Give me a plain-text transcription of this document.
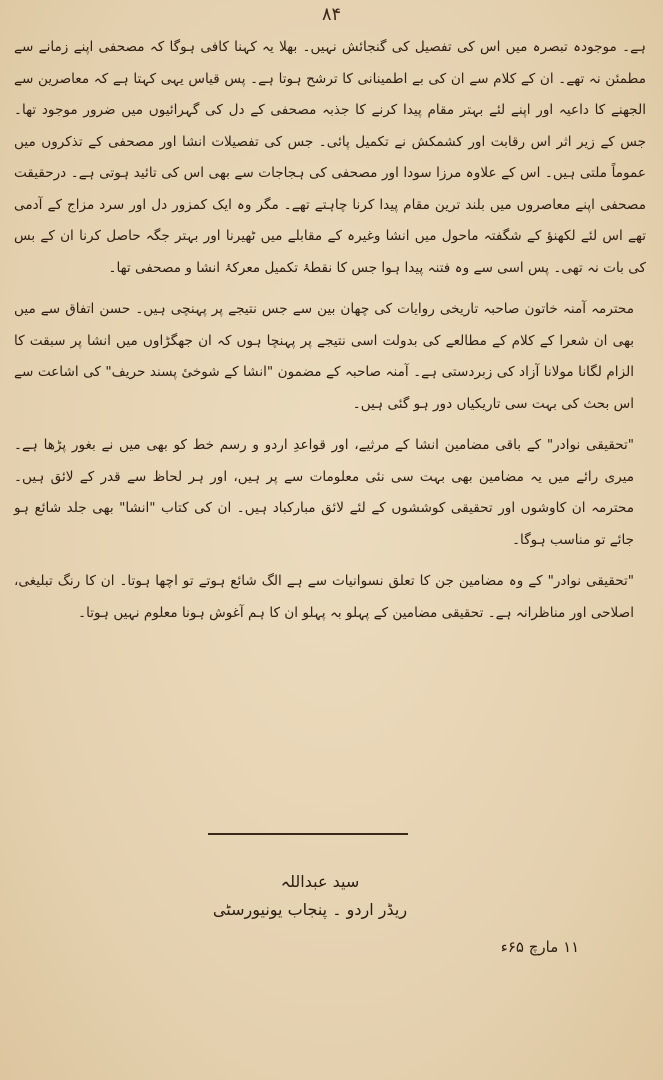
۸۴

ہے۔ موجودہ تبصرہ میں اس کی تفصیل کی گنجائش نہیں۔ بھلا یہ کہنا کافی ہوگا کہ مصحفی اپنے زمانے سے مطمئن نہ تھے۔ ان کے کلام سے ان کی بے اطمینانی کا ترشح ہوتا ہے۔ پس قیاس یہی کہتا ہے کہ معاصرین سے الجھنے کا داعیہ اور اپنے لئے بہتر مقام پیدا کرنے کا جذبہ مصحفی کے دل کی گہرائیوں میں ضرور موجود تھا۔ جس کے زیر اثر اس رقابت اور کشمکش نے تکمیل پائی۔ جس کی تفصیلات انشا اور مصحفی کے تذکروں میں عموماً ملتی ہیں۔ اس کے علاوہ مرزا سودا اور مصحفی کی ہجاجات سے بھی اس کی تائید ہوتی ہے۔ درحقیقت مصحفی اپنے معاصروں میں بلند ترین مقام پیدا کرنا چاہتے تھے۔ مگر وہ ایک کمزور دل اور سرد مزاج کے آدمی تھے اس لئے لکھنؤ کے شگفتہ ماحول میں انشا وغیرہ کے مقابلے میں ٹھیرنا اور بہتر جگہ حاصل کرنا ان کے بس کی بات نہ تھی۔ پس اسی سے وہ فتنہ پیدا ہوا جس کا نقطۂ تکمیل معرکۂ انشا و مصحفی تھا۔

محترمہ آمنہ خاتون صاحبہ تاریخی روایات کی چھان بین سے جس نتیجے پر پہنچی ہیں۔ حسن اتفاق سے میں بھی ان شعرا کے کلام کے مطالعے کی بدولت اسی نتیجے پر پہنچا ہوں کہ ان جھگڑاوں میں انشا پر سبقت کا الزام لگانا مولانا آزاد کی زبردستی ہے۔ آمنہ صاحبہ کے مضمون "انشا کے شوخیٔ پسند حریف" کی اشاعت سے اس بحث کی بہت سی تاریکیاں دور ہو گئی ہیں۔

"تحقیقی نوادر" کے باقی مضامین انشا کے مرثیے، اور قواعدِ اردو و رسم خط کو بھی میں نے بغور پڑھا ہے۔ میری رائے میں یہ مضامین بھی بہت سی نئی معلومات سے پر ہیں، اور ہر لحاظ سے قدر کے لائق ہیں۔ محترمہ ان کاوشوں اور تحقیقی کوششوں کے لئے لائق مبارکباد ہیں۔ ان کی کتاب "انشا" بھی جلد شائع ہو جائے تو مناسب ہوگا۔

"تحقیقی نوادر" کے وہ مضامین جن کا تعلق نسوانیات سے ہے الگ شائع ہوتے تو اچھا ہوتا۔ ان کا رنگ تبلیغی، اصلاحی اور مناظرانہ ہے۔ تحقیقی مضامین کے پہلو بہ پہلو ان کا ہم آغوش ہونا معلوم نہیں ہوتا۔

سید عبداللہ
ریڈر اردو ۔ پنجاب یونیورسٹی
۱۱ مارچ ۶۵ء
